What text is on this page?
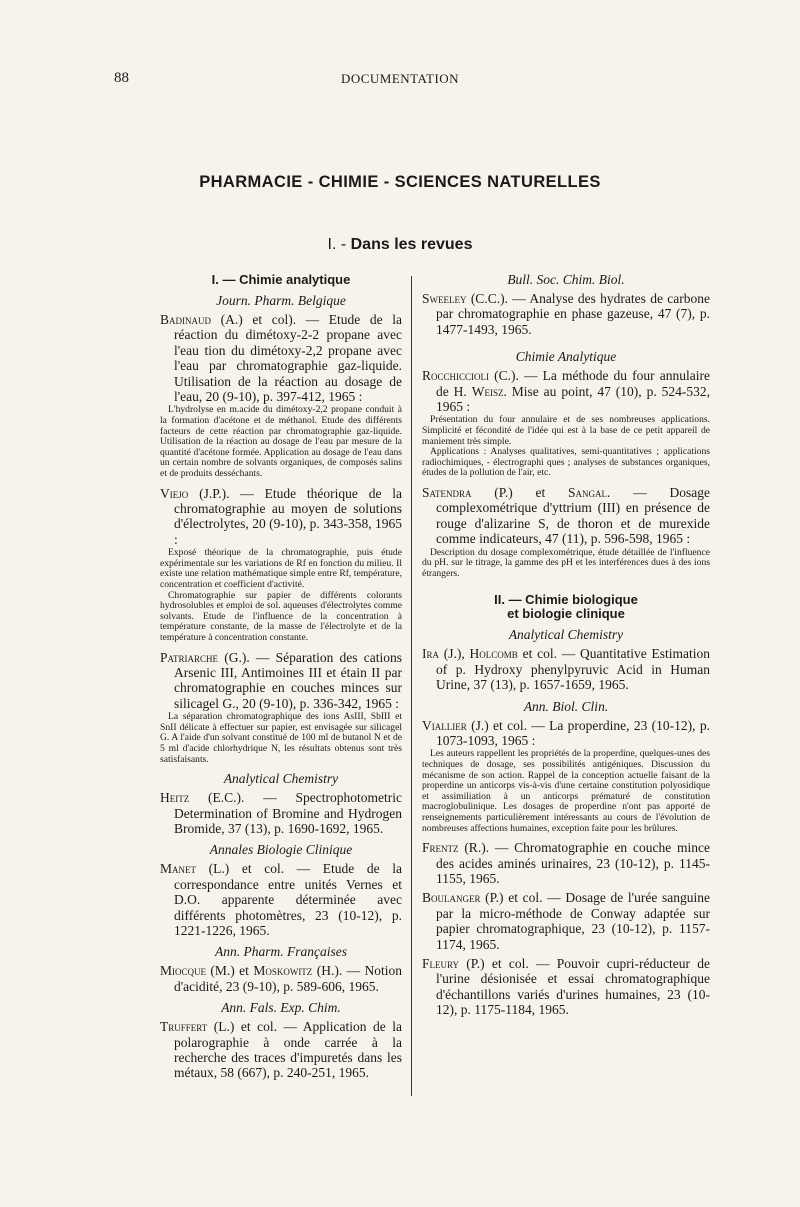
88	DOCUMENTATION
PHARMACIE - CHIMIE - SCIENCES NATURELLES
I. - Dans les revues
I. — Chimie analytique
Journ. Pharm. Belgique

Badinaud (A.) et col). — Etude de la réaction du dimétoxy-2-2 propane avec l'eau tion du dimétoxy-2,2 propane avec l'eau par chromatographie gaz-liquide. Utilisation de la réaction au dosage de l'eau, 20 (9-10), p. 397-412, 1965 :

L'hydrolyse en m.acide du dimétoxy-2,2 propane conduit à la formation d'acétone et de méthanol. Etude des différents facteurs de cette réaction par chromatographie gaz-liquide. Utilisation de la réaction au dosage de l'eau par mesure de la quantité d'acétone formée. Application au dosage de l'eau dans un certain nombre de solvants organiques, de composés salins et de produits desséchants.

Viejo (J.P.). — Etude théorique de la chromatographie au moyen de solutions d'électrolytes, 20 (9-10), p. 343-358, 1965 :

Exposé théorique de la chromatographie, puis étude expérimentale sur les variations de Rf en fonction du milieu. Il existe une relation mathématique simple entre Rf, température, concentration et coefficient d'activité.

Chromatographie sur papier de différents colorants hydrosolubles et emploi de sol. aqueuses d'électrolytes comme solvants. Etude de l'influence de la concentration à température constante, de la masse de l'électrolyte et de la température à concentration constante.

Patriarche (G.). — Séparation des cations Arsenic III, Antimoines III et étain II par chromatographie en couches minces sur silicagel G., 20 (9-10), p. 336-342, 1965 :

La séparation chromatographique des ions AsIII, SbIII et SnII délicate à effectuer sur papier, est envisagée sur silicagel G. A l'aide d'un solvant constitué de 100 ml de butanol N et de 5 ml d'acide chlorhydrique N, les résultats obtenus sont très satisfaisants.

Analytical Chemistry

Heitz (E.C.). — Spectrophotometric Determination of Bromine and Hydrogen Bromide, 37 (13), p. 1690-1692, 1965.

Annales Biologie Clinique

Manet (L.) et col. — Etude de la correspondance entre unités Vernes et D.O. apparente déterminée avec différents photomètres, 23 (10-12), p. 1221-1226, 1965.

Ann. Pharm. Françaises

Miocque (M.) et Moskowitz (H.). — Notion d'acidité, 23 (9-10), p. 589-606, 1965.

Ann. Fals. Exp. Chim.

Truffert (L.) et col. — Application de la polarographie à onde carrée à la recherche des traces d'impuretés dans les métaux, 58 (667), p. 240-251, 1965.

Bull. Soc. Chim. Biol.

Sweeley (C.C.). — Analyse des hydrates de carbone par chromatographie en phase gazeuse, 47 (7), p. 1477-1493, 1965.

Chimie Analytique

Rocchiccioli (C.). — La méthode du four annulaire de H. Weisz. Mise au point, 47 (10), p. 524-532, 1965 :

Présentation du four annulaire et de ses nombreuses applications. Simplicité et fécondité de l'idée qui est à la base de ce petit appareil de maniement très simple.

Applications : Analyses qualitatives, semi-quantitatives ; applications radiochimiques, - électrographi ques ; analyses de substances organiques, études de la pollution de l'air, etc.

Satendra (P.) et Sangal. — Dosage complexométrique d'yttrium (III) en présence de rouge d'alizarine S, de thoron et de murexide comme indicateurs, 47 (11), p. 596-598, 1965 :

Description du dosage complexométrique, étude détaillée de l'influence du pH. sur le titrage, la gamme des pH et les interférences dues à des ions étrangers.

II. — Chimie biologique
et biologie clinique
Analytical Chemistry

Ira (J.), Holcomb et col. — Quantitative Estimation of p. Hydroxy phenylpyruvic Acid in Human Urine, 37 (13), p. 1657-1659, 1965.

Ann. Biol. Clin.

Viallier (J.) et col. — La properdine, 23 (10-12), p. 1073-1093, 1965 :

Les auteurs rappellent les propriétés de la properdine, quelques-unes des techniques de dosage, ses possibilités antigéniques. Discussion du mécanisme de son action. Rappel de la conception actuelle faisant de la properdine un anticorps vis-à-vis d'une certaine constitution polyosidique et assimiliation à un anticorps prématuré de constitution macroglobulinique. Les dosages de properdine n'ont pas apporté de renseignements particulièrement intéressants au cours de l'évolution de nombreuses affections humaines, exception faite pour les brûlures.

Frentz (R.). — Chromatographie en couche mince des acides aminés urinaires, 23 (10-12), p. 1145-1155, 1965.

Boulanger (P.) et col. — Dosage de l'urée sanguine par la micro-méthode de Conway adaptée sur papier chromatographique, 23 (10-12), p. 1157-1174, 1965.

Fleury (P.) et col. — Pouvoir cupri-réducteur de l'urine désionisée et essai chromatographique d'échantillons variés d'urines humaines, 23 (10-12), p. 1175-1184, 1965.
